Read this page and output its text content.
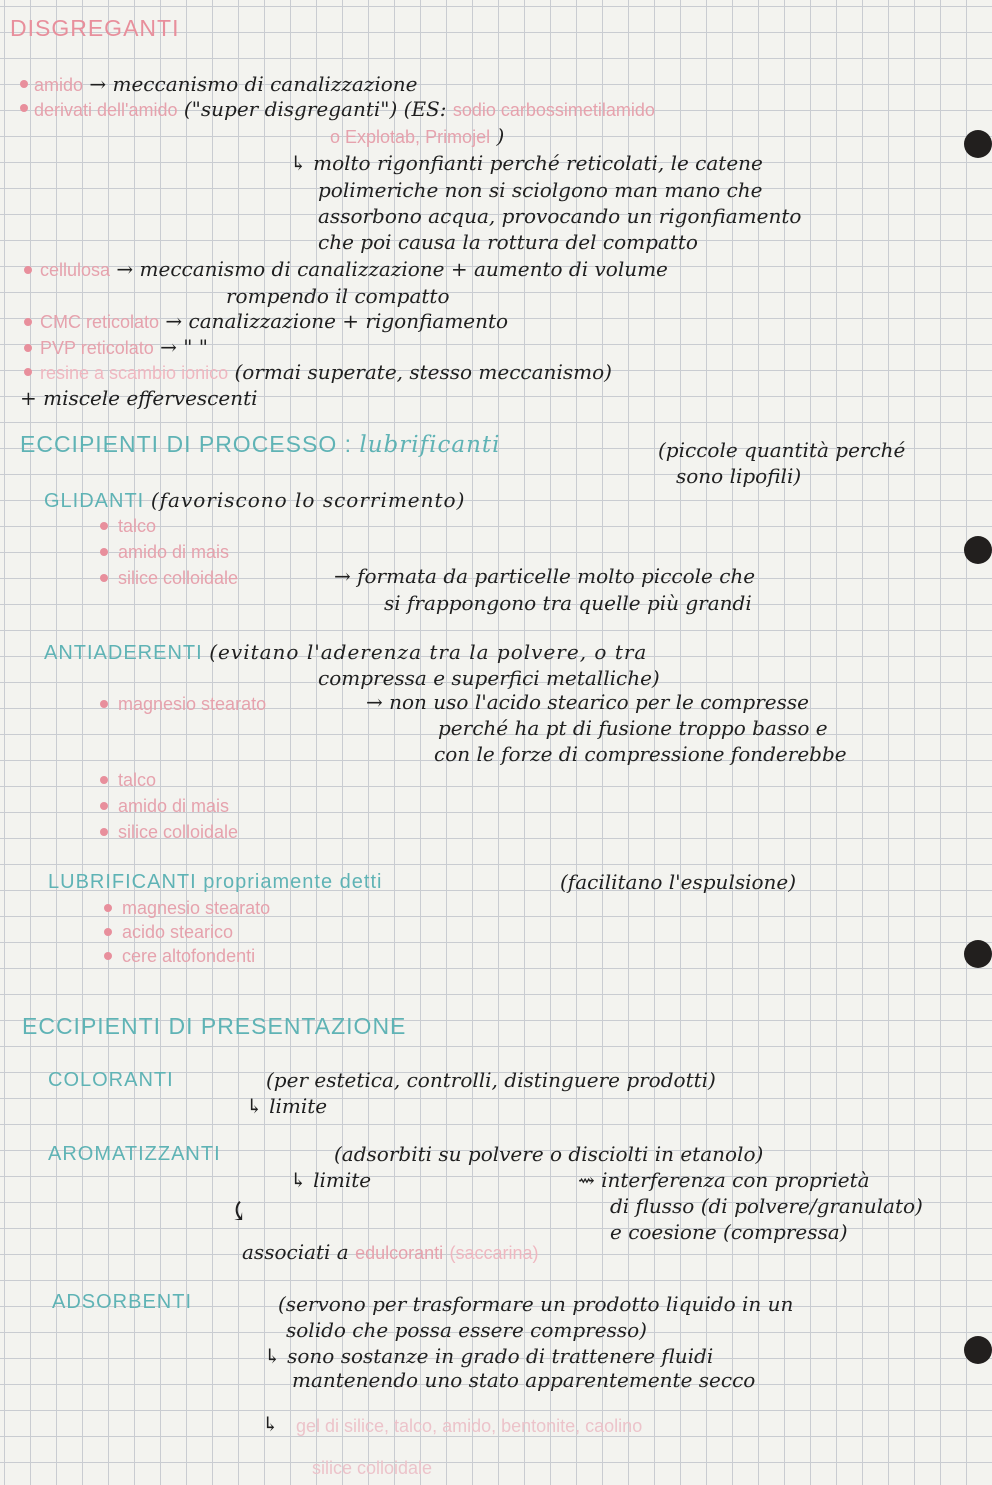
DISGREGANTI
amido → meccanismo di canalizzazione
derivati dell'amido ("super disgreganti") (ES: sodio carbossimetilamido
o Explotab, Primojel )
↳ molto rigonfianti perché reticolati, le catene
polimeriche non si sciolgono man mano che
assorbono acqua, provocando un rigonfiamento
che poi causa la rottura del compatto
cellulosa → meccanismo di canalizzazione + aumento di volume
rompendo il compatto
CMC reticolato → canalizzazione + rigonfiamento
PVP reticolato → " "
resine a scambio ionico (ormai superate, stesso meccanismo)
+ miscele effervescenti
ECCIPIENTI DI PROCESSO : lubrificanti	(piccole quantità perché
sono lipofili)
GLIDANTI (favoriscono lo scorrimento)
talco
amido di mais
silice colloidale	→ formata da particelle molto piccole che
si frappongono tra quelle più grandi
ANTIADERENTI (evitano l'aderenza tra la polvere, o tra
compressa e superfici metalliche)
magnesio stearato	→ non uso l'acido stearico per le compresse
perché ha pt di fusione troppo basso e
con le forze di compressione fonderebbe
talco
amido di mais
silice colloidale
LUBRIFICANTI propriamente detti	(facilitano l'espulsione)
magnesio stearato
acido stearico
cere altofondenti
ECCIPIENTI DI PRESENTAZIONE
COLORANTI	(per estetica, controlli, distinguere prodotti)
↳ limite
AROMATIZZANTI	(adsorbiti su polvere o disciolti in etanolo)
↳ limite	⇝ interferenza con proprietà
di flusso (di polvere/granulato)
e coesione (compressa)
⤹
associati a edulcoranti (saccarina)
ADSORBENTI	(servono per trasformare un prodotto liquido in un
solido che possa essere compresso)
↳ sono sostanze in grado di trattenere fluidi
mantenendo uno stato apparentemente secco
↳ gel di silice, talco, amido, bentonite, caolino
silice colloidale
